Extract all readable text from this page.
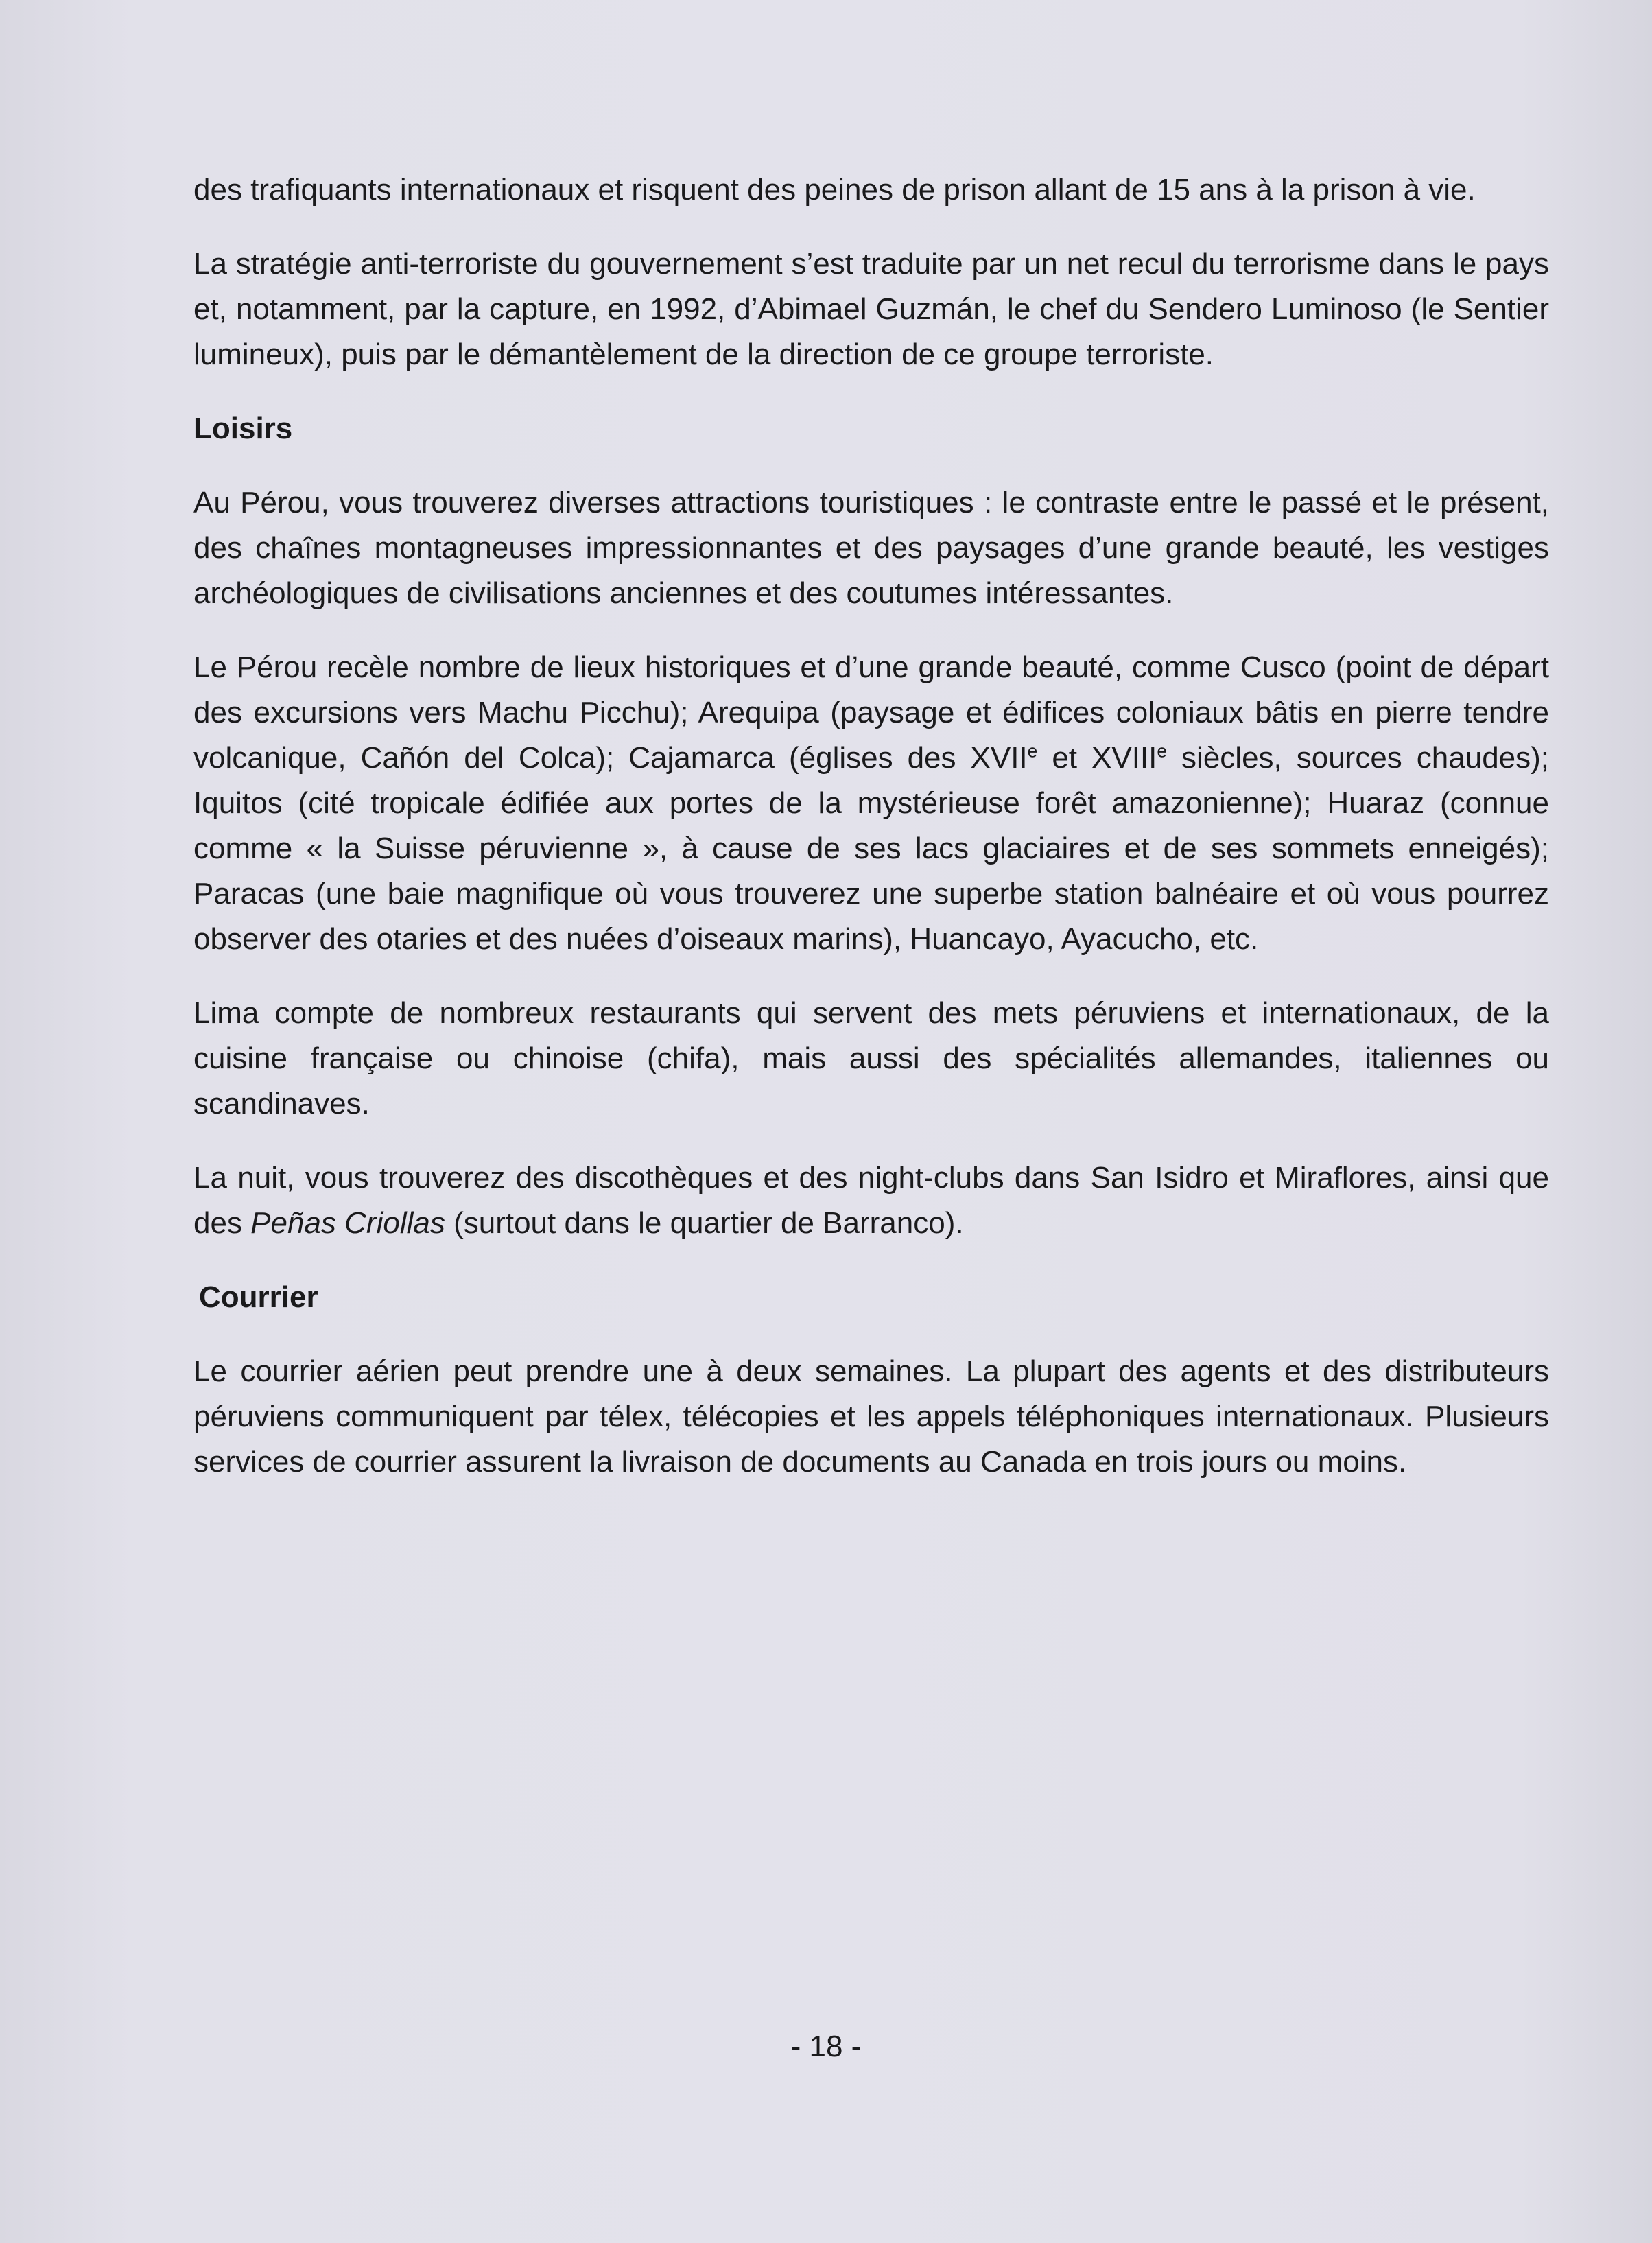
des trafiquants internationaux et risquent des peines de prison allant de 15 ans à la prison à vie.

La stratégie anti-terroriste du gouvernement s’est traduite par un net recul du terrorisme dans le pays et, notamment, par la capture, en 1992, d’Abimael Guzmán, le chef du Sendero Luminoso (le Sentier lumineux), puis par le démantèlement de la direction de ce groupe terroriste.

Loisirs

Au Pérou, vous trouverez diverses attractions touristiques : le contraste entre le passé et le présent, des chaînes montagneuses impressionnantes et des paysages d’une grande beauté, les vestiges archéologiques de civilisations anciennes et des coutumes intéressantes.

Le Pérou recèle nombre de lieux historiques et d’une grande beauté, comme Cusco (point de départ des excursions vers Machu Picchu); Arequipa (paysage et édifices coloniaux bâtis en pierre tendre volcanique, Cañón del Colca); Cajamarca (églises des XVIIe et XVIIIe siècles, sources chaudes); Iquitos (cité tropicale édifiée aux portes de la mystérieuse forêt amazonienne); Huaraz (connue comme « la Suisse péruvienne », à cause de ses lacs glaciaires et de ses sommets enneigés); Paracas (une baie magnifique où vous trouverez une superbe station balnéaire et où vous pourrez observer des otaries et des nuées d’oiseaux marins), Huancayo, Ayacucho, etc.

Lima compte de nombreux restaurants qui servent des mets péruviens et internationaux, de la cuisine française ou chinoise (chifa), mais aussi des spécialités allemandes, italiennes ou scandinaves.

La nuit, vous trouverez des discothèques et des night-clubs dans San Isidro et Miraflores, ainsi que des Peñas Criollas (surtout dans le quartier de Barranco).

Courrier

Le courrier aérien peut prendre une à deux semaines. La plupart des agents et des distributeurs péruviens communiquent par télex, télécopies et les appels téléphoniques internationaux. Plusieurs services de courrier assurent la livraison de documents au Canada en trois jours ou moins.

- 18 -
